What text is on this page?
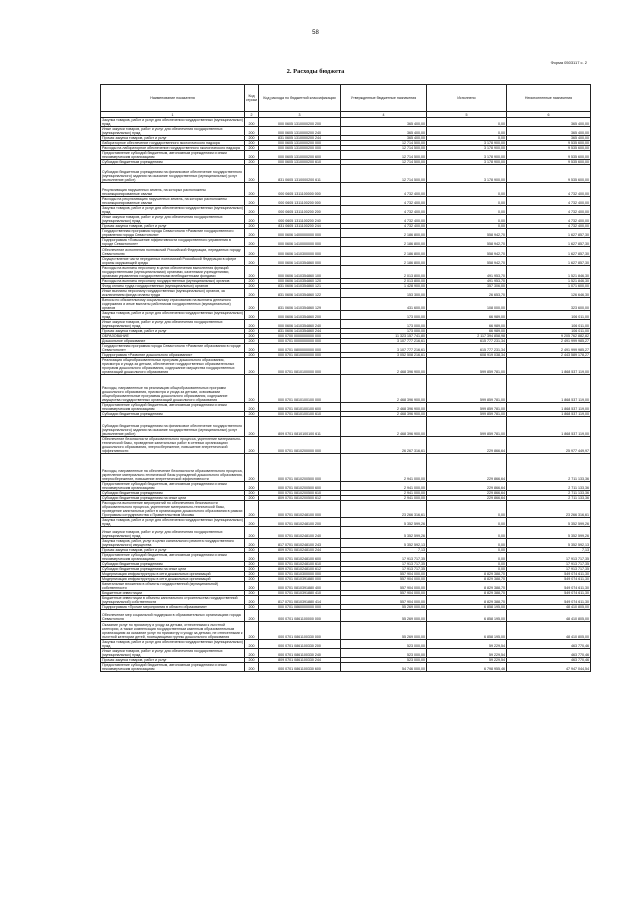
58
Форма 0503117 с. 2
2. Расходы бюджета
Наименование показателя	Код строки	Код расхода по бюджетной классификации	Утвержденные бюджетные назначения	Исполнено	Неисполненные назначения
1	2	3	4	5	6
Закупка товаров, работ и услуг для обеспечения государственных (муниципальных) нужд	200	000 0605 1310000200 200	365 400,00	0,00	365 400,00
Иные закупки товаров, работ и услуг для обеспечения государственных (муниципальных) нужд	200	000 0605 1310000200 240	365 400,00	0,00	365 400,00
Прочая закупка товаров, работ и услуг	200	831 0605 1310000200 244	365 400,00	0,00	365 400,00
Лабораторное обеспечение государственного экологического надзора	200	000 0605 1310000200 000	12 714 500,00	3 178 900,00	9 535 600,00
Расходы на лабораторное обеспечение государственного экологического надзора	200	000 0605 1310000200 000	12 714 500,00	3 178 900,00	9 535 600,00
Предоставление субсидий бюджетным, автономным учреждениям и иным некоммерческим организациям	200	000 0605 1310000200 600	12 714 500,00	3 178 900,00	9 535 600,00
Субсидии бюджетным учреждениям	200	000 0605 1310000200 610	12 714 500,00	3 178 900,00	9 535 600,00
Субсидии бюджетным учреждениям на финансовое обеспечение государственного (муниципального) задания на оказание государственных (муниципальных) услуг (выполнение работ)	200	831 0605 1310000200 611	12 714 500,00	3 178 900,00	9 535 600,00
Рекультивация нарушенных земель, на которых расположены несанкционированные свалки	200	000 0605 1311100000 000	4 732 400,00	0,00	4 732 400,00
Расходы на рекультивацию нарушенных земель, на которых расположены несанкционированные свалки	200	000 0605 1311100200 000	4 732 400,00	0,00	4 732 400,00
Закупка товаров, работ и услуг для обеспечения государственных (муниципальных) нужд	200	000 0605 1311100200 200	4 732 400,00	0,00	4 732 400,00
Иные закупки товаров, работ и услуг для обеспечения государственных (муниципальных) нужд	200	000 0605 1311100200 240	4 732 400,00	0,00	4 732 400,00
Прочая закупка товаров, работ и услуг	200	831 0605 1311100200 244	4 732 400,00	0,00	4 732 400,00
Государственная программа города Севастополя «Развитие государственного управления города Севастополя»	200	000 0606 1400000000 000	2 186 800,00	558 942,70	1 627 857,30
Подпрограмма «Повышение эффективности государственного управления в городе Севастополе»	200	000 0606 1410000000 000	2 186 800,00	558 942,70	1 627 857,30
Обеспечение исполнения полномочий Российской Федерации, переданных городу Севастополю	200	000 0606 1410300000 000	2 186 800,00	558 942,70	1 627 857,30
Осуществление части переданных полномочий Российской Федерации в сфере охраны окружающей среды	200	000 0606 1410354860 000	2 186 800,00	558 942,70	1 627 857,30
Расходы на выплаты персоналу в целях обеспечения выполнения функций государственными (муниципальными) органами, казенными учреждениями, органами управления государственными внебюджетными фондами	200	000 0606 1410354860 100	2 013 800,00	491 953,70	1 521 846,30
Расходы на выплаты персоналу государственных (муниципальных) органов	200	000 0606 1410354860 120	2 013 800,00	491 953,70	1 521 846,30
Фонд оплаты труда государственных (муниципальных) органов	200	831 0606 1410354860 121	1 428 900,00	357 306,00	1 071 600,00
Иные выплаты персоналу государственных (муниципальных) органов, за исключением фонда оплаты труда	200	831 0606 1410354860 122	153 300,00	26 653,70	126 646,30
Взносы по обязательному социальному страхованию на выплаты денежного содержания и иные выплаты работникам государственных (муниципальных) органов	200	831 0606 1410354860 129	431 600,00	108 000,00	323 600,00
Закупка товаров, работ и услуг для обеспечения государственных (муниципальных) нужд	200	000 0606 1410354860 200	173 000,00	66 989,00	106 011,00
Иные закупки товаров, работ и услуг для обеспечения государственных (муниципальных) нужд	200	000 0606 1410354860 240	173 000,00	66 989,00	106 011,00
Прочая закупка товаров, работ и услуг	200	831 0606 1410354860 244	173 000,00	66 989,00	106 011,00
ОБРАЗОВАНИЕ	200	000 0700 0000000000 000	11 323 157 741,80	2 117 394 858,98	9 205 762 882,82
Дошкольное образование	200	000 0701 0000000000 000	3 107 777 216,61	615 777 231,34	2 491 999 985,27
Государственная программа города Севастополя «Развитие образования в городе Севастополе»	200	000 0701 0800000000 000	3 107 777 216,61	615 777 231,34	2 491 999 985,27
Подпрограмма «Развитие дошкольного образования»	200	000 0701 0810000000 000	3 052 508 216,61	608 919 038,34	2 443 589 178,27
Реализация общеобразовательных программ дошкольного образования, присмотра и ухода за детьми, обеспечение государственных образовательных программ дошкольного образования, содержание имущества государственных организаций дошкольного образования	200	000 0701 0810100000 000	2 468 396 900,00	599 859 781,00	1 868 537 119,00
Расходы, направленные на реализацию общеобразовательных программ дошкольного образования, присмотра и ухода за детьми, освоившими общеобразовательные программы дошкольного образования, содержание имущества государственных организаций дошкольного образования	200	000 0701 0810100100 000	2 468 396 900,00	599 859 781,00	1 868 537 119,00
Предоставление субсидий бюджетным, автономным учреждениям и иным некоммерческим организациям	200	000 0701 0810100100 600	2 468 396 900,00	599 859 781,00	1 868 537 119,00
Субсидии бюджетным учреждениям	200	000 0701 0810100100 610	2 468 396 900,00	599 859 781,00	1 868 537 119,00
Субсидии бюджетным учреждениям на финансовое обеспечение государственного (муниципального) задания на оказание государственных (муниципальных) услуг (выполнение работ)	200	809 0701 0810100100 611	2 468 396 900,00	599 859 781,00	1 868 537 119,00
Обеспечение безопасности образовательного процесса, укрепление материально-технической базы, проведение капитальных работ в сетевых организациях дошкольного образования, энергосбережение, повышение энергетической эффективности	200	000 0701 0810200000 000	26 267 316,61	229 866,64	25 977 449,97
Расходы, направленные на обеспечение безопасности образовательного процесса, укрепление материально-технической базы учреждений дошкольного образования, энергосбережение, повышение энергетической эффективности	200	000 0701 0810200500 000	2 941 000,00	229 866,64	2 711 133,36
Предоставление субсидий бюджетным, автономным учреждениям и иным некоммерческим организациям	200	000 0701 0810200500 600	2 941 000,00	229 866,64	2 711 133,36
Субсидии бюджетным учреждениям	200	000 0701 0810200500 610	2 941 000,00	229 866,64	2 711 133,36
Субсидии бюджетным учреждениям на иные цели	200	809 0701 0810200500 612	2 941 000,00	229 866,64	2 711 133,36
Расходы на выполнение мероприятий по обеспечению безопасности образовательного процесса, укрепление материально-технической базы, проведение капитальных работ в организациях дошкольного образования в рамках Программы сотрудничества с Правительством Москвы	200	000 0701 0810248100 000	23 266 316,61	0,00	23 266 316,61
Закупка товаров, работ и услуг для обеспечения государственных (муниципальных) нужд	200	000 0701 0810248100 200	5 352 599,26	0,00	5 352 599,26
Иные закупки товаров, работ и услуг для обеспечения государственных (муниципальных) нужд	200	000 0701 0810248100 240	5 352 599,26	0,00	5 352 599,26
Закупка товаров, работ, услуг в целях капитального ремонта государственного (муниципального) имущества	200	817 0701 0810248100 243	5 352 592,13	0,00	5 352 592,13
Прочая закупка товаров, работ и услуг	200	809 0701 0810248100 244	7,13	0,00	7,13
Предоставление субсидий бюджетным, автономным учреждениям и иным некоммерческим организациям	200	000 0701 0810248100 600	17 913 717,35	0,00	17 913 717,35
Субсидии бюджетным учреждениям	200	000 0701 0810248100 610	17 913 717,35	0,00	17 913 717,35
Субсидии бюджетным учреждениям на иные цели	200	809 0701 0810248100 612	17 913 717,35	0,00	17 913 717,35
Модернизация инфраструктуры в сети дошкольных организаций	200	000 0701 0810300000 000	557 904 000,00	8 829 388,70	549 074 611,30
Модернизация инфраструктуры в сети дошкольных организаций	200	000 0701 0810391880 000	557 904 000,00	8 829 388,70	549 074 611,30
Капитальные вложения в объекты государственной (муниципальной) собственности	200	000 0701 0810391880 400	557 904 000,00	8 829 388,70	549 074 611,30
Бюджетные инвестиции	200	000 0701 0810391880 410	557 904 000,00	8 829 388,70	549 074 611,30
Бюджетные инвестиции в объекты капитального строительства государственной (муниципальной) собственности	200	817 0701 0810391880 414	557 904 000,00	8 829 388,70	549 074 611,30
Подпрограмма «Прочие мероприятия в области образования»	200	000 0701 0860000000 000	55 269 000,00	6 858 195,00	48 410 805,00
Обеспечение мер социальной поддержки в образовательных организациях города Севастополя	200	000 0701 0861100000 000	55 269 000,00	6 858 195,00	48 410 805,00
Оказание услуг по присмотру и уходу за детьми, отнесенными к льготной категории, а также компенсация государственным казенным образовательным организациям за оказание услуг по присмотру и уходу за детьми, не отнесенными к льготной категории детей, посещающими группы дошкольного образования	200	000 0701 0861100330 000	55 269 000,00	6 858 195,00	48 410 805,00
Закупка товаров, работ и услуг для обеспечения государственных (муниципальных) нужд	200	000 0701 0861100330 200	523 000,00	59 229,54	463 770,46
Иные закупки товаров, работ и услуг для обеспечения государственных (муниципальных) нужд	200	000 0701 0861100330 240	523 000,00	59 229,54	463 770,46
Прочая закупка товаров, работ и услуг	200	809 0701 0861100330 244	523 000,00	59 229,54	463 770,46
Предоставление субсидий бюджетным, автономным учреждениям и иным некоммерческим организациям	200	000 0701 0861100330 600	54 746 000,00	6 798 955,46	47 947 044,54
